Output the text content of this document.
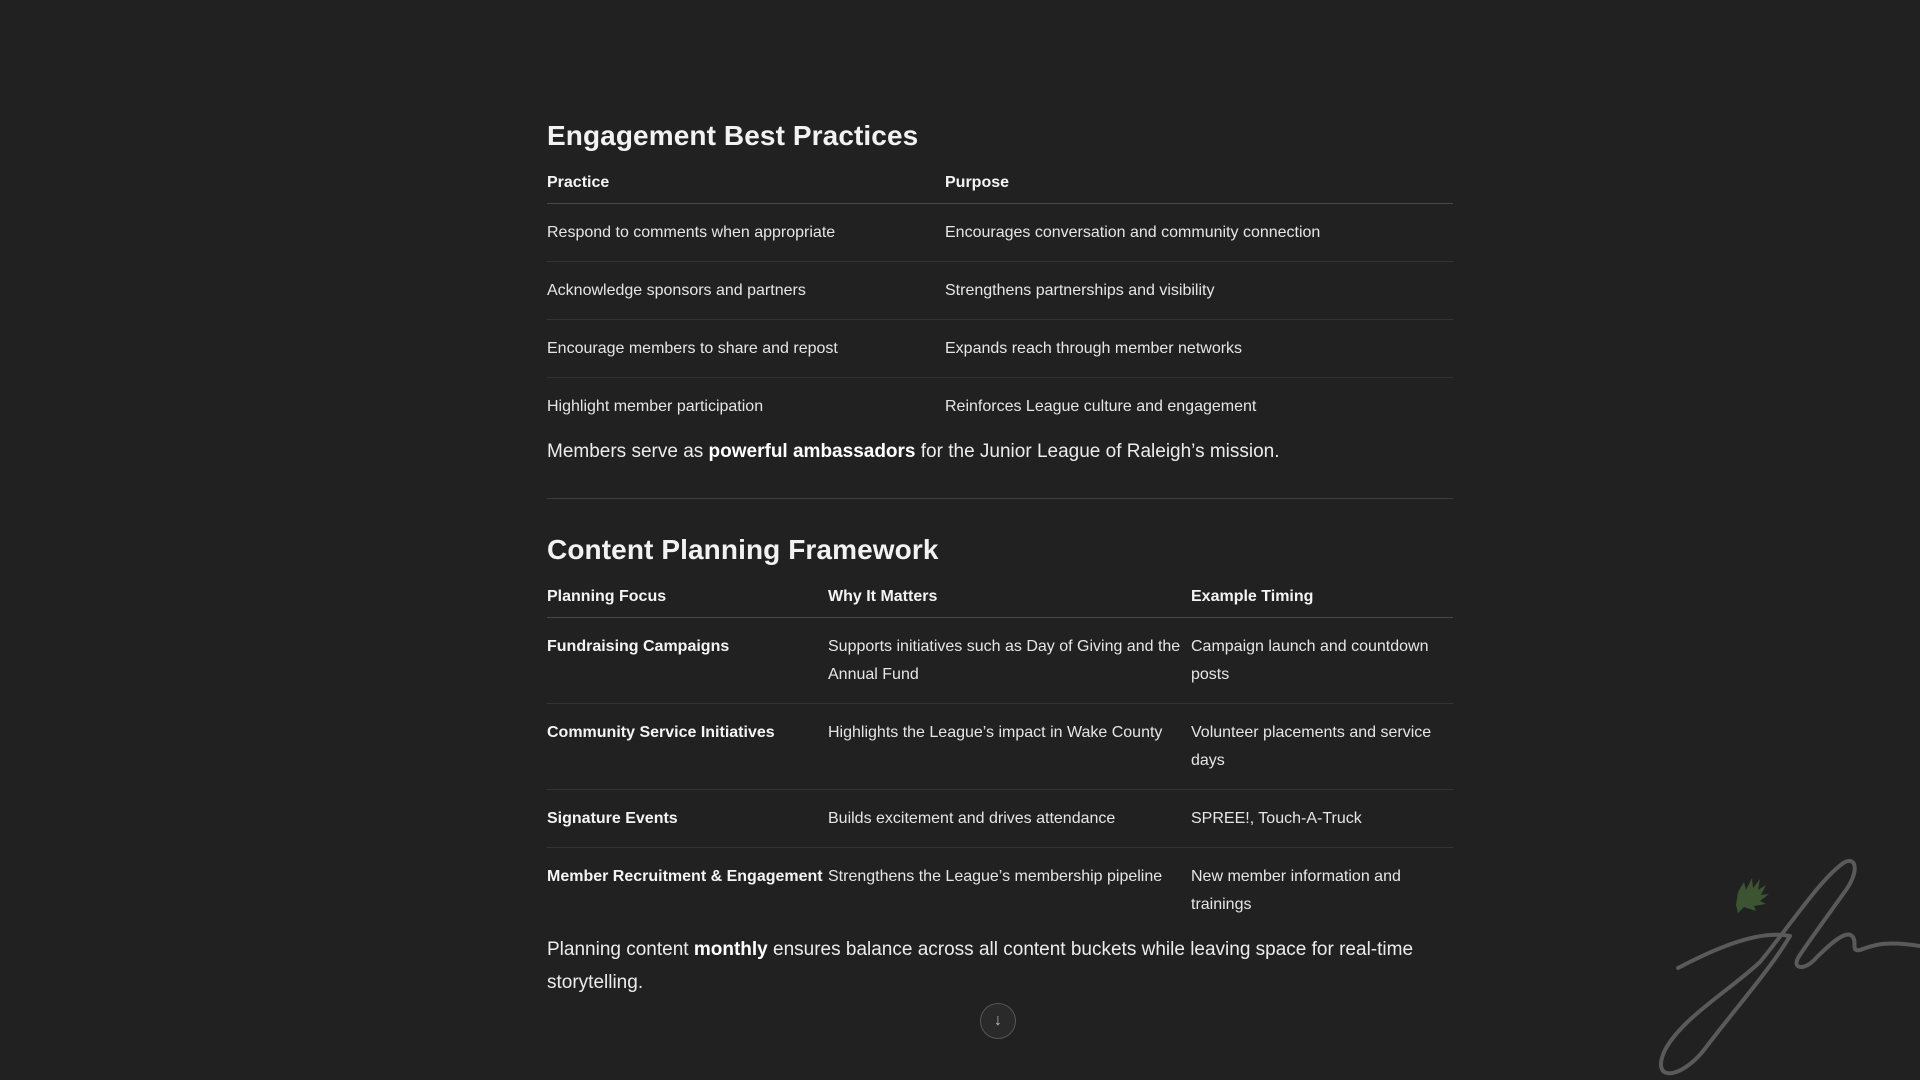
Engagement Best Practices
Practice	Purpose
Respond to comments when appropriate	Encourages conversation and community connection
Acknowledge sponsors and partners	Strengthens partnerships and visibility
Encourage members to share and repost	Expands reach through member networks
Highlight member participation	Reinforces League culture and engagement

Members serve as powerful ambassadors for the Junior League of Raleigh’s mission.

Content Planning Framework
Planning Focus	Why It Matters	Example Timing
Fundraising Campaigns	Supports initiatives such as Day of Giving and the Annual Fund	Campaign launch and countdown posts
Community Service Initiatives	Highlights the League’s impact in Wake County	Volunteer placements and service days
Signature Events	Builds excitement and drives attendance	SPREE!, Touch-A-Truck
Member Recruitment & Engagement	Strengthens the League’s membership pipeline	New member information and trainings

Planning content monthly ensures balance across all content buckets while leaving space for real-time storytelling.

↓
